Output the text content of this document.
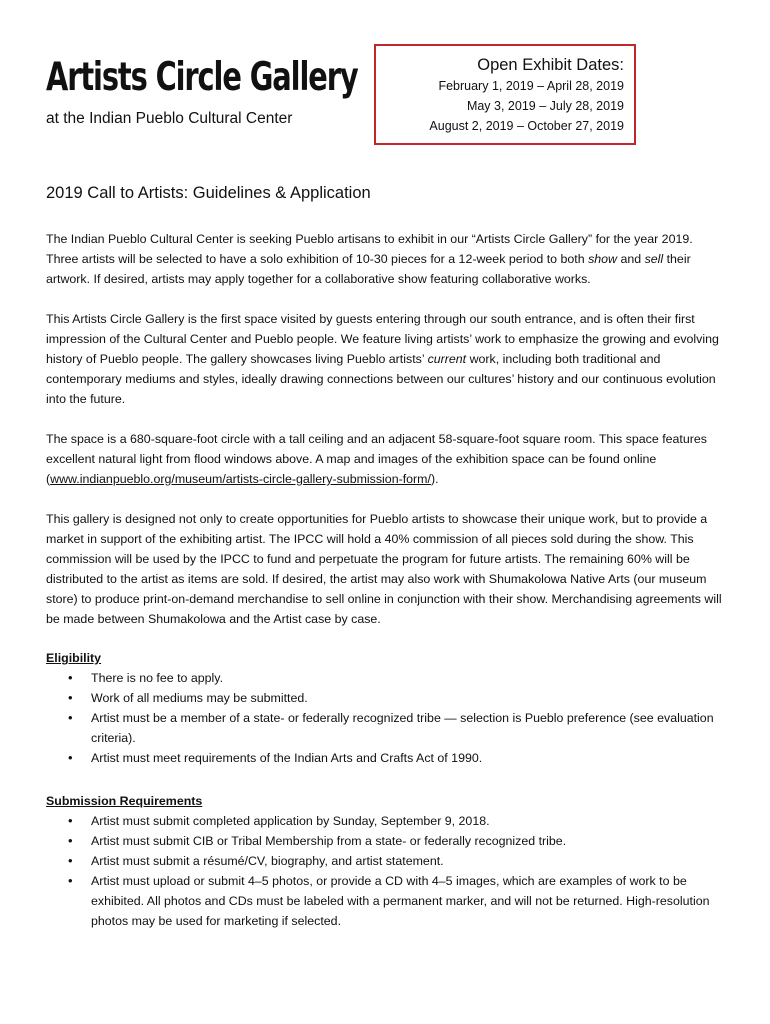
Artists Circle Gallery
at the Indian Pueblo Cultural Center
Open Exhibit Dates:
February 1, 2019 – April 28, 2019
May 3, 2019 – July 28, 2019
August 2, 2019 – October 27, 2019
2019 Call to Artists: Guidelines & Application

The Indian Pueblo Cultural Center is seeking Pueblo artisans to exhibit in our “Artists Circle Gallery” for the year 2019. Three artists will be selected to have a solo exhibition of 10-30 pieces for a 12-week period to both show and sell their artwork. If desired, artists may apply together for a collaborative show featuring collaborative works.

This Artists Circle Gallery is the first space visited by guests entering through our south entrance, and is often their first impression of the Cultural Center and Pueblo people. We feature living artists’ work to emphasize the growing and evolving history of Pueblo people. The gallery showcases living Pueblo artists’ current work, including both traditional and contemporary mediums and styles, ideally drawing connections between our cultures’ history and our continuous evolution into the future.

The space is a 680-square-foot circle with a tall ceiling and an adjacent 58-square-foot square room. This space features excellent natural light from flood windows above. A map and images of the exhibition space can be found online (www.indianpueblo.org/museum/artists-circle-gallery-submission-form/).

This gallery is designed not only to create opportunities for Pueblo artists to showcase their unique work, but to provide a market in support of the exhibiting artist. The IPCC will hold a 40% commission of all pieces sold during the show. This commission will be used by the IPCC to fund and perpetuate the program for future artists. The remaining 60% will be distributed to the artist as items are sold. If desired, the artist may also work with Shumakolowa Native Arts (our museum store) to produce print-on-demand merchandise to sell online in conjunction with their show. Merchandising agreements will be made between Shumakolowa and the Artist case by case.

Eligibility
• There is no fee to apply.
• Work of all mediums may be submitted.
• Artist must be a member of a state- or federally recognized tribe — selection is Pueblo preference (see evaluation criteria).
• Artist must meet requirements of the Indian Arts and Crafts Act of 1990.
Submission Requirements
• Artist must submit completed application by Sunday, September 9, 2018.
• Artist must submit CIB or Tribal Membership from a state- or federally recognized tribe.
• Artist must submit a résumé/CV, biography, and artist statement.
• Artist must upload or submit 4–5 photos, or provide a CD with 4–5 images, which are examples of work to be exhibited. All photos and CDs must be labeled with a permanent marker, and will not be returned. High-resolution photos may be used for marketing if selected.
